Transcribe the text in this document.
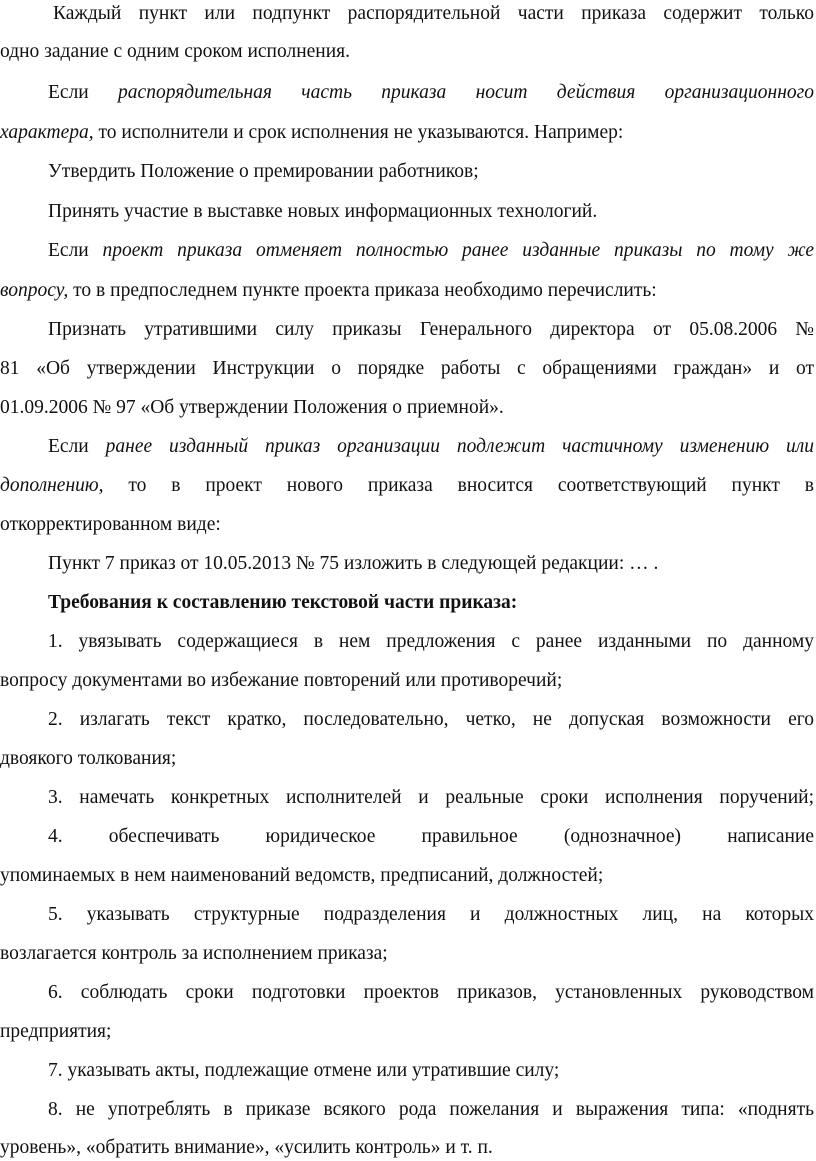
Каждый пункт или подпункт распорядительной части приказа содержит только
одно задание с одним сроком исполнения.
Если распорядительная часть приказа носит действия организационного
характера, то исполнители и срок исполнения не указываются. Например:
Утвердить Положение о премировании работников;
Принять участие в выставке новых информационных технологий.
Если проект приказа отменяет полностью ранее изданные приказы по тому же
вопросу, то в предпоследнем пункте проекта приказа необходимо перечислить:
Признать утратившими силу приказы Генерального директора от 05.08.2006 №
81 «Об утверждении Инструкции о порядке работы с обращениями граждан» и от
01.09.2006 № 97 «Об утверждении Положения о приемной».
Если ранее изданный приказ организации подлежит частичному изменению или
дополнению, то в проект нового приказа вносится соответствующий пункт в
откорректированном виде:
Пункт 7 приказ от 10.05.2013 № 75 изложить в следующей редакции: … .
Требования к составлению текстовой части приказа:
1. увязывать содержащиеся в нем предложения с ранее изданными по данному
вопросу документами во избежание повторений или противоречий;
2. излагать текст кратко, последовательно, четко, не допуская возможности его
двоякого толкования;
3. намечать конкретных исполнителей и реальные сроки исполнения поручений;
4. обеспечивать юридическое правильное (однозначное) написание
упоминаемых в нем наименований ведомств, предписаний, должностей;
5. указывать структурные подразделения и должностных лиц, на которых
возлагается контроль за исполнением приказа;
6. соблюдать сроки подготовки проектов приказов, установленных руководством
предприятия;
7. указывать акты, подлежащие отмене или утратившие силу;
8. не употреблять в приказе всякого рода пожелания и выражения типа: «поднять
уровень», «обратить внимание», «усилить контроль» и т. п.
